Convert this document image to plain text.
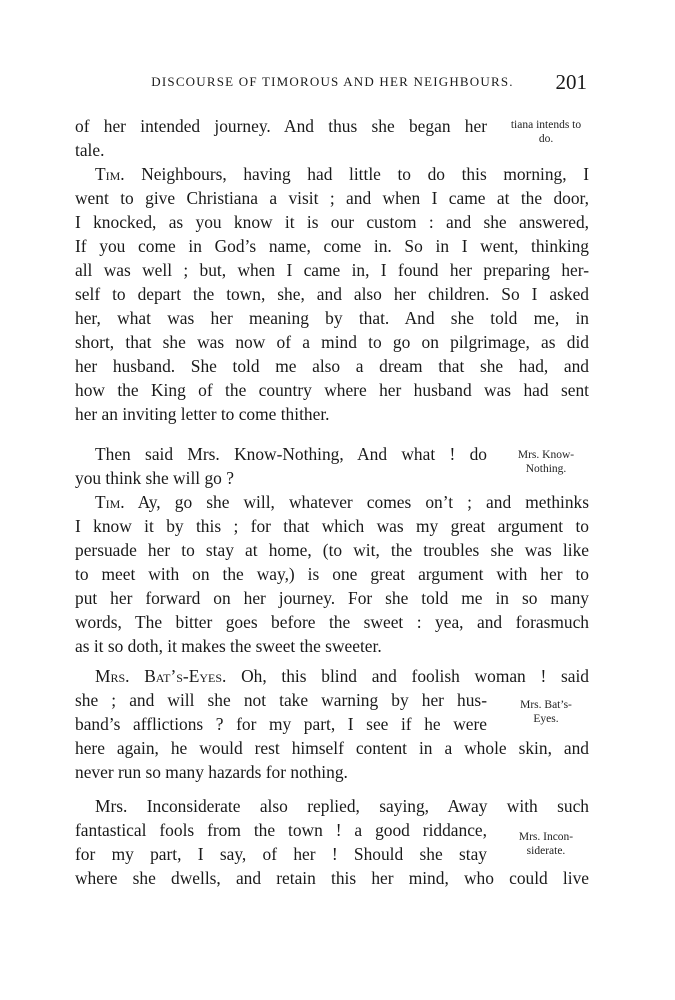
DISCOURSE OF TIMOROUS AND HER NEIGHBOURS.	201
of her intended journey. And thus she began her
tale.
Tim. Neighbours, having had little to do this morning, I
went to give Christiana a visit ; and when I came at the door,
I knocked, as you know it is our custom : and she answered,
If you come in God’s name, come in. So in I went, thinking
all was well ; but, when I came in, I found her preparing her-
self to depart the town, she, and also her children. So I asked
her, what was her meaning by that. And she told me, in
short, that she was now of a mind to go on pilgrimage, as did
her husband. She told me also a dream that she had, and
how the King of the country where her husband was had sent
her an inviting letter to come thither.
Then said Mrs. Know-Nothing, And what ! do
you think she will go ?
Tim. Ay, go she will, whatever comes on’t ; and methinks
I know it by this ; for that which was my great argument to
persuade her to stay at home, (to wit, the troubles she was like
to meet with on the way,) is one great argument with her to
put her forward on her journey. For she told me in so many
words, The bitter goes before the sweet : yea, and forasmuch
as it so doth, it makes the sweet the sweeter.
Mrs. Bat’s-Eyes. Oh, this blind and foolish woman ! said
she ; and will she not take warning by her hus-
band’s afflictions ? for my part, I see if he were
here again, he would rest himself content in a whole skin, and
never run so many hazards for nothing.
Mrs. Inconsiderate also replied, saying, Away with such
fantastical fools from the town ! a good riddance,
for my part, I say, of her ! Should she stay
where she dwells, and retain this her mind, who could live
tiana intends to
do.
Mrs. Know-
Nothing.
Mrs. Bat’s-
Eyes.
Mrs. Incon-
siderate.
